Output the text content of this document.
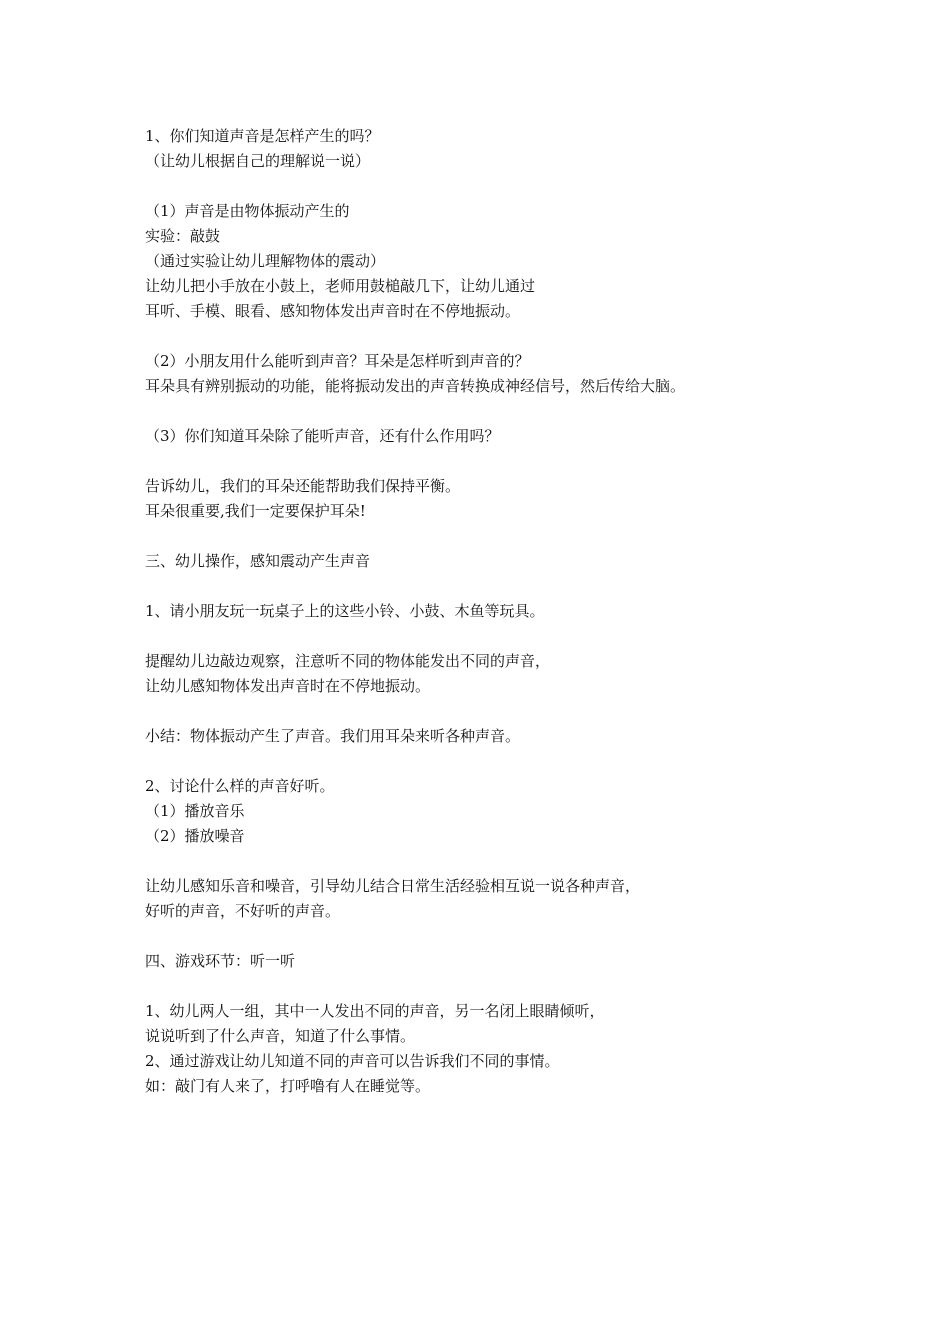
1、你们知道声音是怎样产生的吗？
（让幼儿根据自己的理解说一说）
（1）声音是由物体振动产生的
实验：敲鼓
（通过实验让幼儿理解物体的震动）
让幼儿把小手放在小鼓上，老师用鼓槌敲几下，让幼儿通过
耳听、手模、眼看、感知物体发出声音时在不停地振动。
（2）小朋友用什么能听到声音？耳朵是怎样听到声音的？
耳朵具有辨别振动的功能，能将振动发出的声音转换成神经信号，然后传给大脑。
（3）你们知道耳朵除了能听声音，还有什么作用吗？
告诉幼儿，我们的耳朵还能帮助我们保持平衡。
耳朵很重要,我们一定要保护耳朵!
三、幼儿操作，感知震动产生声音
1、请小朋友玩一玩桌子上的这些小铃、小鼓、木鱼等玩具。
提醒幼儿边敲边观察，注意听不同的物体能发出不同的声音，
让幼儿感知物体发出声音时在不停地振动。
小结：物体振动产生了声音。我们用耳朵来听各种声音。
2、讨论什么样的声音好听。
（1）播放音乐
（2）播放噪音
让幼儿感知乐音和噪音，引导幼儿结合日常生活经验相互说一说各种声音，
好听的声音，不好听的声音。
四、游戏环节：听一听
1、幼儿两人一组，其中一人发出不同的声音，另一名闭上眼睛倾听，
说说听到了什么声音，知道了什么事情。
2、通过游戏让幼儿知道不同的声音可以告诉我们不同的事情。
如：敲门有人来了，打呼噜有人在睡觉等。
